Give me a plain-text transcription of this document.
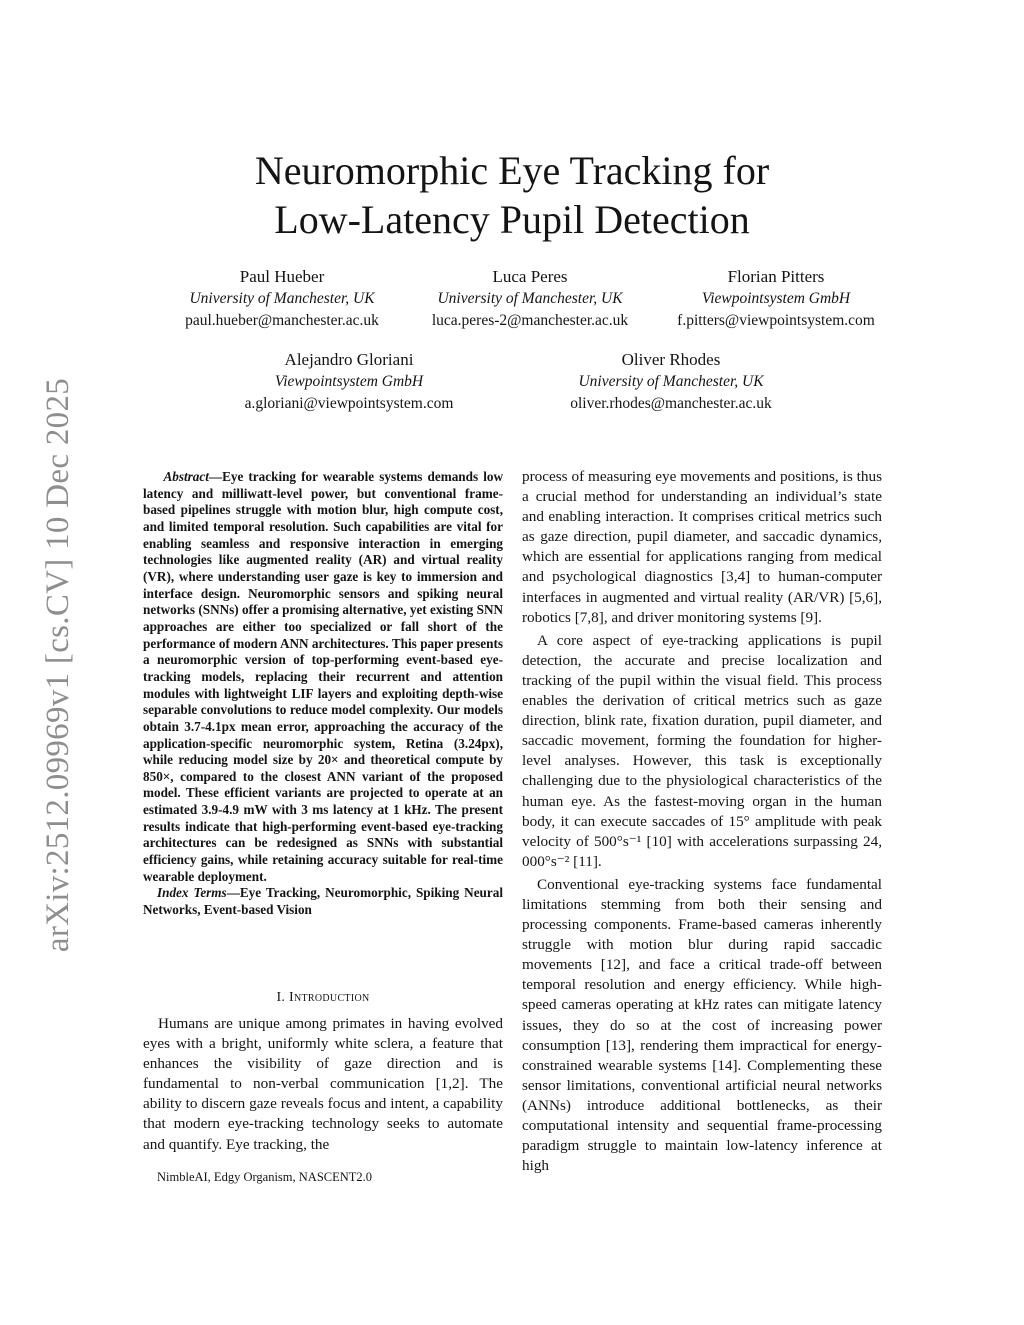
arXiv:2512.09969v1 [cs.CV] 10 Dec 2025
Neuromorphic Eye Tracking for
Low-Latency Pupil Detection
Paul Hueber
University of Manchester, UK
paul.hueber@manchester.ac.uk
Luca Peres
University of Manchester, UK
luca.peres-2@manchester.ac.uk
Florian Pitters
Viewpointsystem GmbH
f.pitters@viewpointsystem.com
Alejandro Gloriani
Viewpointsystem GmbH
a.gloriani@viewpointsystem.com
Oliver Rhodes
University of Manchester, UK
oliver.rhodes@manchester.ac.uk

Abstract—Eye tracking for wearable systems demands low latency and milliwatt-level power, but conventional frame-based pipelines struggle with motion blur, high compute cost, and limited temporal resolution. Such capabilities are vital for enabling seamless and responsive interaction in emerging technologies like augmented reality (AR) and virtual reality (VR), where understanding user gaze is key to immersion and interface design. Neuromorphic sensors and spiking neural networks (SNNs) offer a promising alternative, yet existing SNN approaches are either too specialized or fall short of the performance of modern ANN architectures. This paper presents a neuromorphic version of top-performing event-based eye-tracking models, replacing their recurrent and attention modules with lightweight LIF layers and exploiting depth-wise separable convolutions to reduce model complexity. Our models obtain 3.7-4.1px mean error, approaching the accuracy of the application-specific neuromorphic system, Retina (3.24px), while reducing model size by 20× and theoretical compute by 850×, compared to the closest ANN variant of the proposed model. These efficient variants are projected to operate at an estimated 3.9-4.9 mW with 3 ms latency at 1 kHz. The present results indicate that high-performing event-based eye-tracking architectures can be redesigned as SNNs with substantial efficiency gains, while retaining accuracy suitable for real-time wearable deployment.

Index Terms—Eye Tracking, Neuromorphic, Spiking Neural Networks, Event-based Vision

I. Introduction

Humans are unique among primates in having evolved eyes with a bright, uniformly white sclera, a feature that enhances the visibility of gaze direction and is fundamental to non-verbal communication [1,2]. The ability to discern gaze reveals focus and intent, a capability that modern eye-tracking technology seeks to automate and quantify. Eye tracking, the

process of measuring eye movements and positions, is thus a crucial method for understanding an individual’s state and enabling interaction. It comprises critical metrics such as gaze direction, pupil diameter, and saccadic dynamics, which are essential for applications ranging from medical and psychological diagnostics [3,4] to human-computer interfaces in augmented and virtual reality (AR/VR) [5,6], robotics [7,8], and driver monitoring systems [9].

A core aspect of eye-tracking applications is pupil detection, the accurate and precise localization and tracking of the pupil within the visual field. This process enables the derivation of critical metrics such as gaze direction, blink rate, fixation duration, pupil diameter, and saccadic movement, forming the foundation for higher-level analyses. However, this task is exceptionally challenging due to the physiological characteristics of the human eye. As the fastest-moving organ in the human body, it can execute saccades of 15° amplitude with peak velocity of 500°s⁻¹ [10] with accelerations surpassing 24, 000°s⁻² [11].

Conventional eye-tracking systems face fundamental limitations stemming from both their sensing and processing components. Frame-based cameras inherently struggle with motion blur during rapid saccadic movements [12], and face a critical trade-off between temporal resolution and energy efficiency. While high-speed cameras operating at kHz rates can mitigate latency issues, they do so at the cost of increasing power consumption [13], rendering them impractical for energy-constrained wearable systems [14]. Complementing these sensor limitations, conventional artificial neural networks (ANNs) introduce additional bottlenecks, as their computational intensity and sequential frame-processing paradigm struggle to maintain low-latency inference at high

NimbleAI, Edgy Organism, NASCENT2.0
